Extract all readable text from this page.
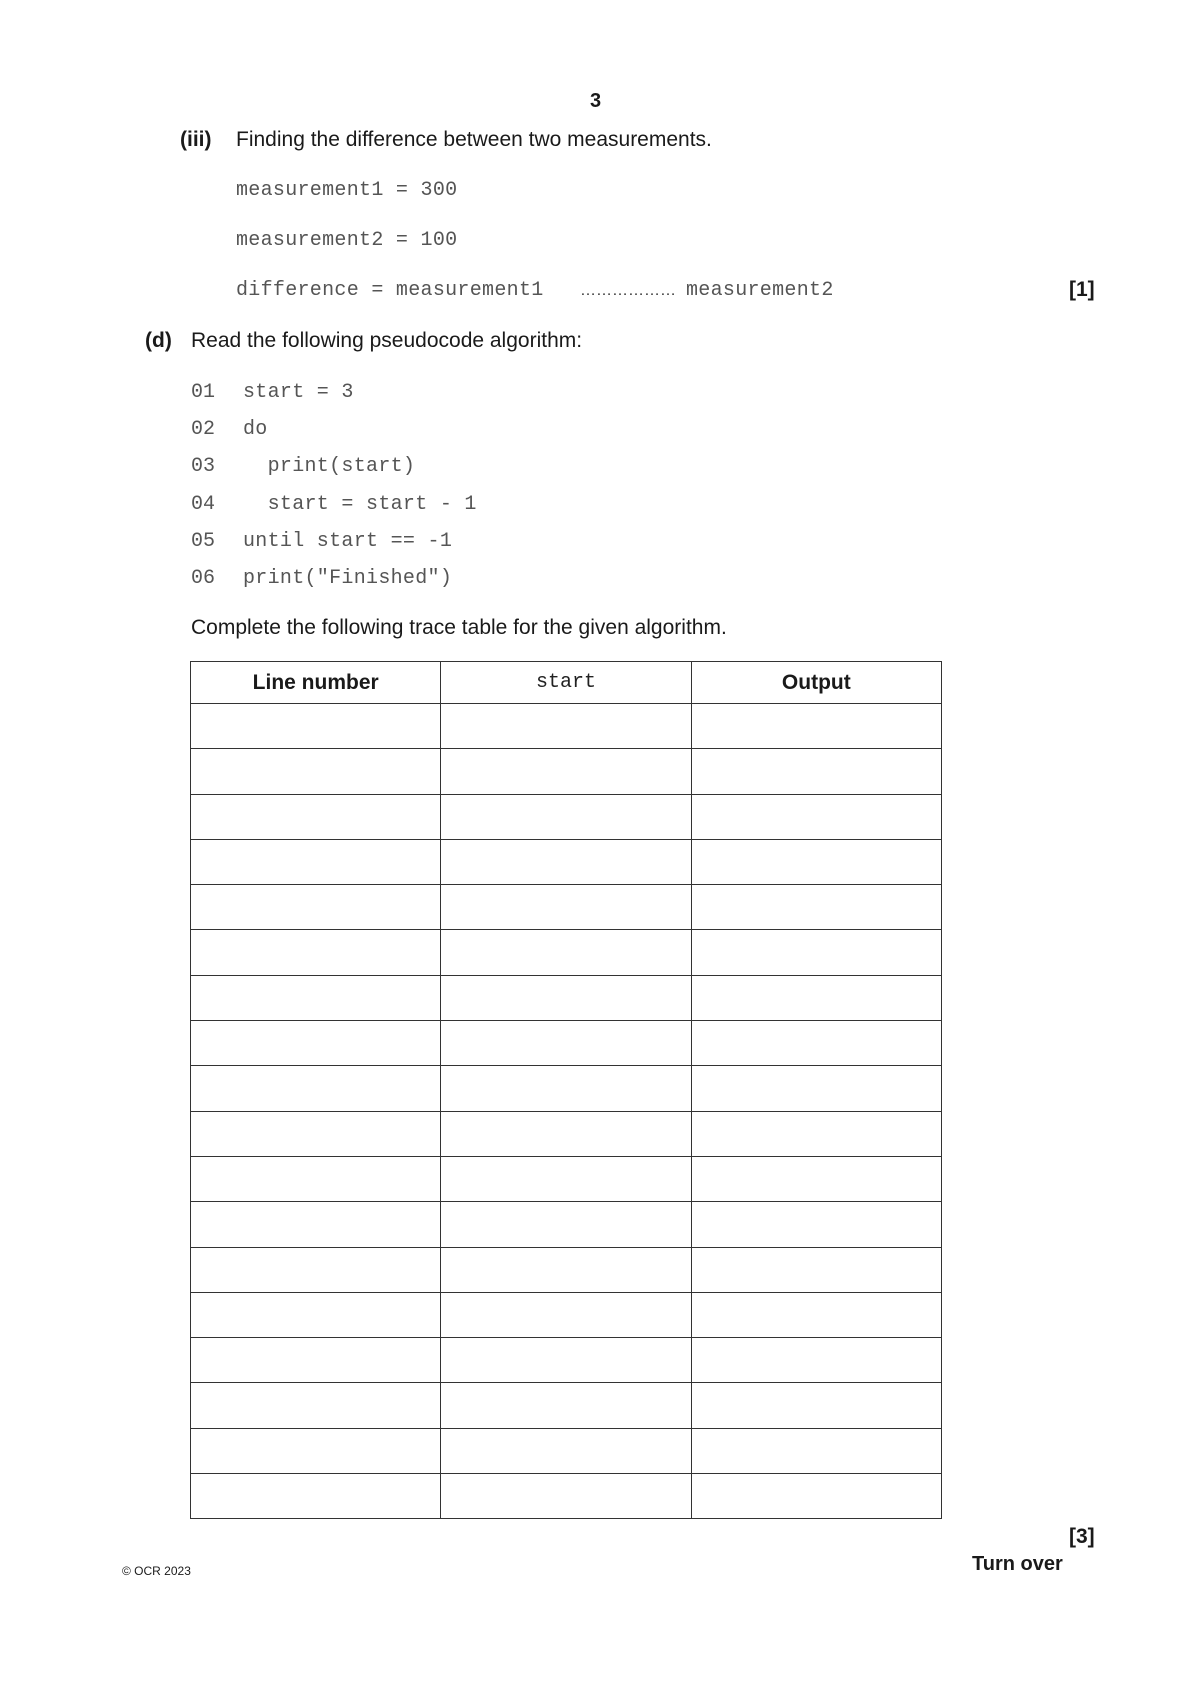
3
(iii) Finding the difference between two measurements.
measurement1 = 300
measurement2 = 100
difference = measurement1 ……………… measurement2	[1]
(d) Read the following pseudocode algorithm:
01 start = 3
02 do
03 print(start)
04 start = start - 1
05 until start == -1
06 print("Finished")
Complete the following trace table for the given algorithm.
Line number	start	Output

[3]
© OCR 2023	Turn over
